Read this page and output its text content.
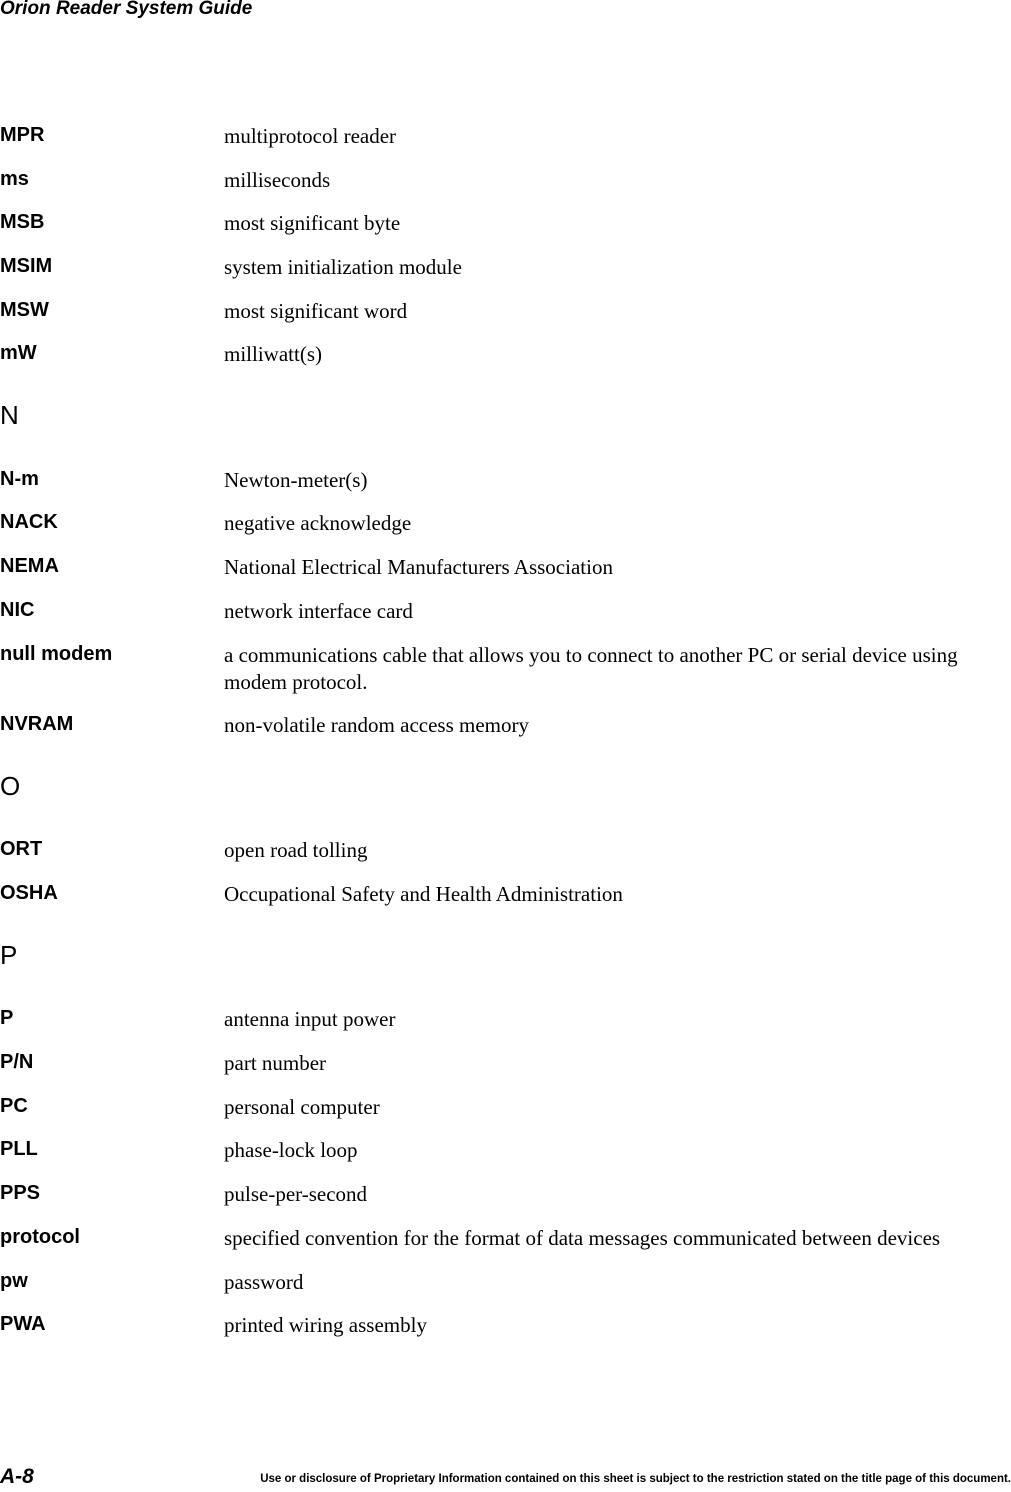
Orion Reader System Guide
MPR	multiprotocol reader
ms	milliseconds
MSB	most significant byte
MSIM	system initialization module
MSW	most significant word
mW	milliwatt(s)
N
N-m	Newton-meter(s)
NACK	negative acknowledge
NEMA	National Electrical Manufacturers Association
NIC	network interface card
null modem	a communications cable that allows you to connect to another PC or serial device using modem protocol.
NVRAM	non-volatile random access memory
O
ORT	open road tolling
OSHA	Occupational Safety and Health Administration
P
P	antenna input power
P/N	part number
PC	personal computer
PLL	phase-lock loop
PPS	pulse-per-second
protocol	specified convention for the format of data messages communicated between devices
pw	password
PWA	printed wiring assembly
A-8	Use or disclosure of Proprietary Information contained on this sheet is subject to the restriction stated on the title page of this document.
